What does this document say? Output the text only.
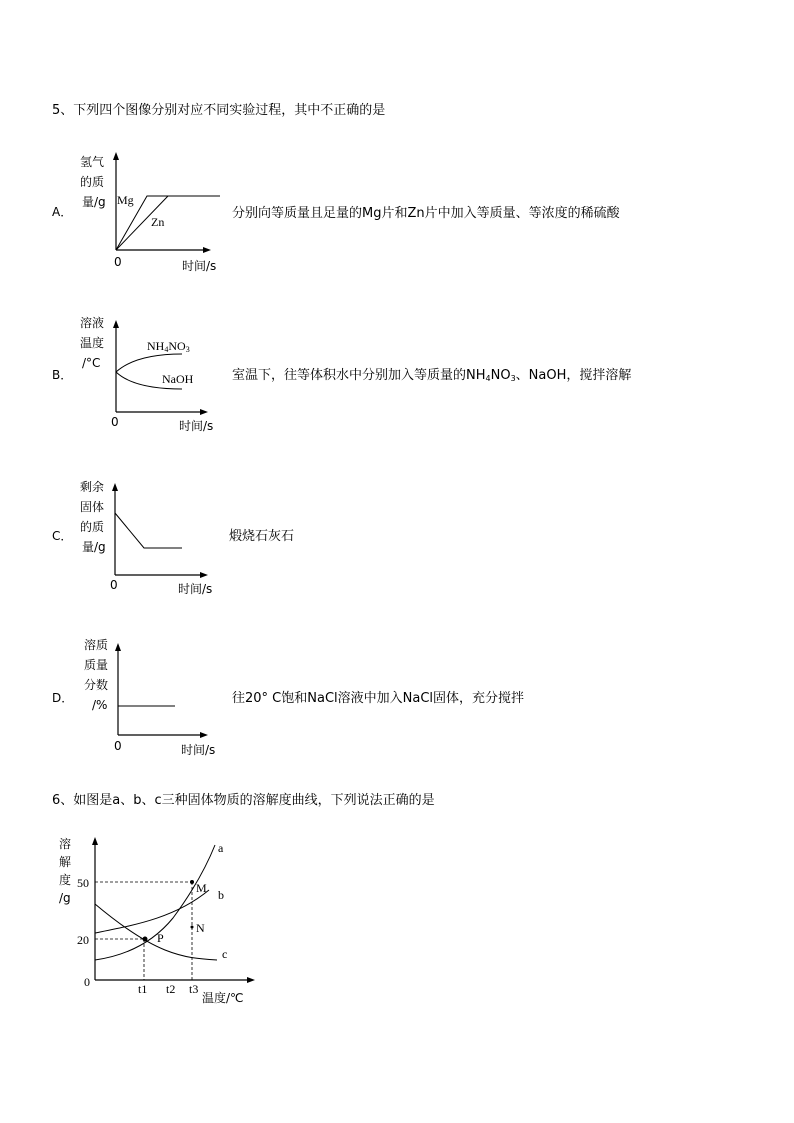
5、下列四个图像分别对应不同实验过程，其中不正确的是
A．	分别向等质量且足量的Mg片和Zn片中加入等质量、等浓度的稀硫酸
氢气
的质
量/g Mg
Zn
0	时间/s
B．	室温下，往等体积水中分别加入等质量的$NH_4NO_3$、NaOH，搅拌溶解
溶液
温度
/°C
NH4NO3
NaOH
0	时间/s
C．	煅烧石灰石
剩余
固体
的质
量/g
0	时间/s
D．	往20° C饱和NaCl溶液中加入NaCl固体，充分搅拌
溶质
质量
分数
/%
0	时间/s
6、如图是a、b、c三种固体物质的溶解度曲线，下列说法正确的是
溶
解
度
/g
50
20
0	t1 t2 t3
温度/℃
a
b
c
M
N
P
